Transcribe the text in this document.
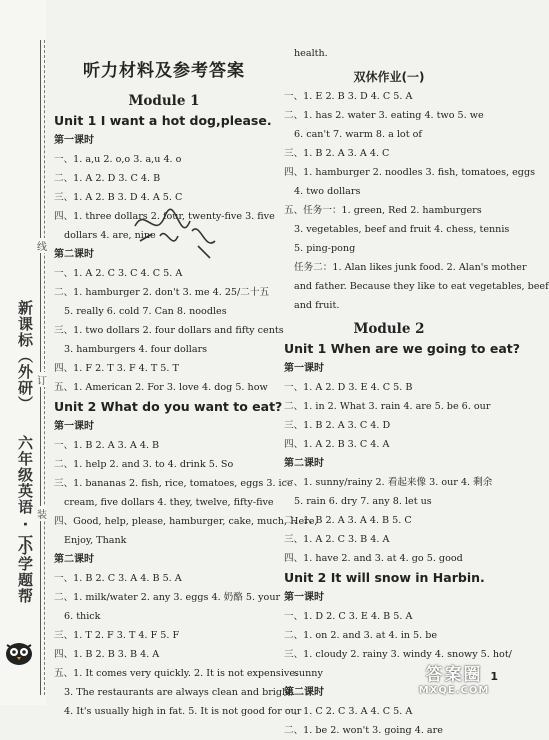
小学题帮
六年级英语 · 下
新课标（外研）
装
订
线
听力材料及参考答案
Module 1
Unit 1 I want a hot dog,please.
第一课时
一、1. a,u 2. o,o 3. a,u 4. o
二、1. A 2. D 3. C 4. B
三、1. A 2. B 3. D 4. A 5. C
四、1. three dollars 2. four, twenty-five 3. five
dollars 4. are, nine
第二课时
一、1. A 2. C 3. C 4. C 5. A
二、1. hamburger 2. don't 3. me 4. 25/二十五
5. really 6. cold 7. Can 8. noodles
三、1. two dollars 2. four dollars and fifty cents
3. hamburgers 4. four dollars
四、1. F 2. T 3. F 4. T 5. T
五、1. American 2. For 3. love 4. dog 5. how
Unit 2 What do you want to eat?
第一课时
一、1. B 2. A 3. A 4. B
二、1. help 2. and 3. to 4. drink 5. So
三、1. bananas 2. fish, rice, tomatoes, eggs 3. ice
cream, five dollars 4. they, twelve, fifty-five
四、Good, help, please, hamburger, cake, much, Here,
Enjoy, Thank
第二课时
一、1. B 2. C 3. A 4. B 5. A
二、1. milk/water 2. any 3. eggs 4. 奶酪 5. your
6. thick
三、1. T 2. F 3. T 4. F 5. F
四、1. B 2. B 3. B 4. A
五、1. It comes very quickly. 2. It is not expensive.
3. The restaurants are always clean and bright.
4. It's usually high in fat. 5. It is not good for our
health.
双休作业(一)
一、1. E 2. B 3. D 4. C 5. A
二、1. has 2. water 3. eating 4. two 5. we
6. can't 7. warm 8. a lot of
三、1. B 2. A 3. A 4. C
四、1. hamburger 2. noodles 3. fish, tomatoes, eggs
4. two dollars
五、任务一：1. green, Red 2. hamburgers
3. vegetables, beef and fruit 4. chess, tennis
5. ping-pong
任务二：1. Alan likes junk food. 2. Alan's mother
and father. Because they like to eat vegetables, beef
and fruit.
Module 2
Unit 1 When are we going to eat?
第一课时
一、1. A 2. D 3. E 4. C 5. B
二、1. in 2. What 3. rain 4. are 5. be 6. our
三、1. B 2. A 3. C 4. D
四、1. A 2. B 3. C 4. A
第二课时
一、1. sunny/rainy 2. 看起来像 3. our 4. 剩余
5. rain 6. dry 7. any 8. let us
二、1. B 2. A 3. A 4. B 5. C
三、1. A 2. C 3. B 4. A
四、1. have 2. and 3. at 4. go 5. good
Unit 2 It will snow in Harbin.
第一课时
一、1. D 2. C 3. E 4. B 5. A
二、1. on 2. and 3. at 4. in 5. be
三、1. cloudy 2. rainy 3. windy 4. snowy 5. hot/
sunny
第二课时
一、1. C 2. C 3. A 4. C 5. A
二、1. be 2. won't 3. going 4. are
1
答案圈
MXQE.COM
